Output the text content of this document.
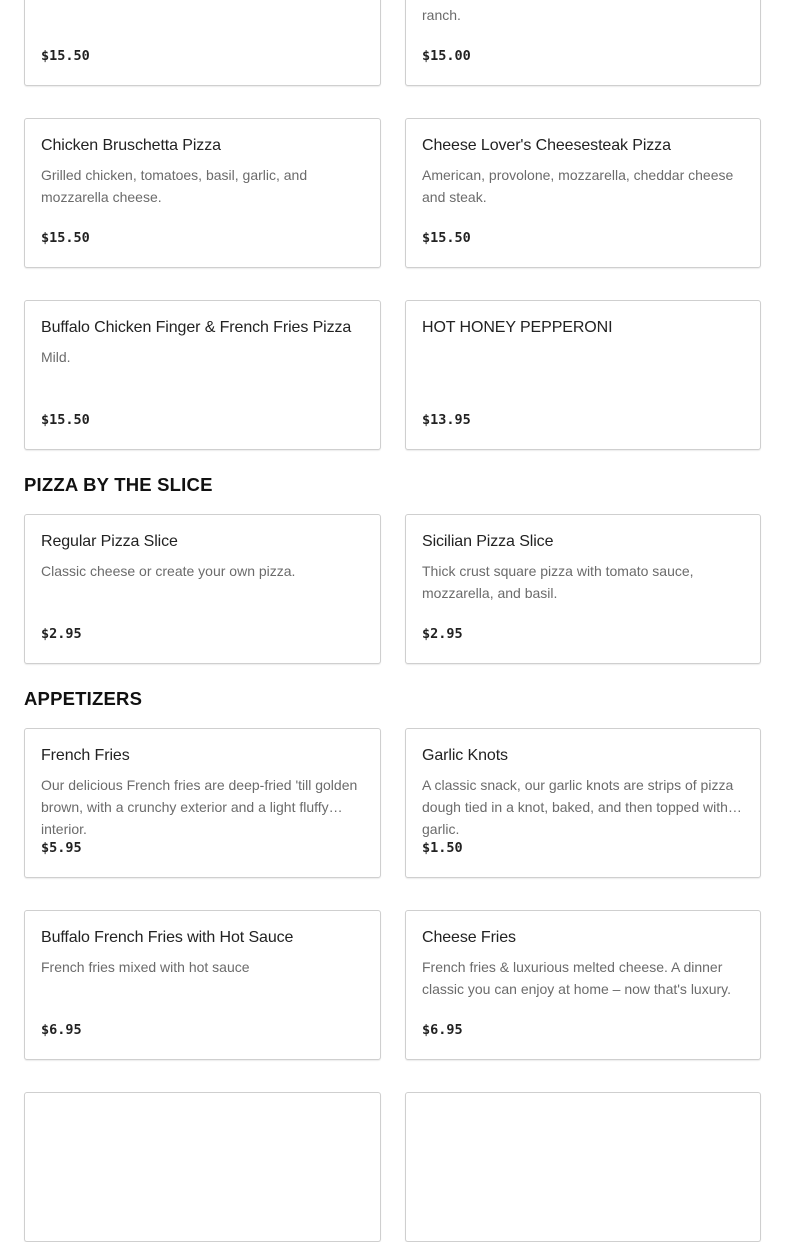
$15.50
ranch.
$15.00
Chicken Bruschetta Pizza
Grilled chicken, tomatoes, basil, garlic, and mozzarella cheese.
$15.50
Cheese Lover's Cheesesteak Pizza
American, provolone, mozzarella, cheddar cheese and steak.
$15.50
Buffalo Chicken Finger & French Fries Pizza
Mild.
$15.50
HOT HONEY PEPPERONI
$13.95
Regular Pizza Slice
Classic cheese or create your own pizza.
$2.95
Sicilian Pizza Slice
Thick crust square pizza with tomato sauce, mozzarella, and basil.
$2.95
French Fries
Our delicious French fries are deep-fried 'till golden brown, with a crunchy exterior and a light fluffy interior.
$5.95
Garlic Knots
A classic snack, our garlic knots are strips of pizza dough tied in a knot, baked, and then topped with garlic.
$1.50
Buffalo French Fries with Hot Sauce
French fries mixed with hot sauce
$6.95
Cheese Fries
French fries & luxurious melted cheese. A dinner classic you can enjoy at home – now that's luxury.
$6.95
PIZZA BY THE SLICE
APPETIZERS
